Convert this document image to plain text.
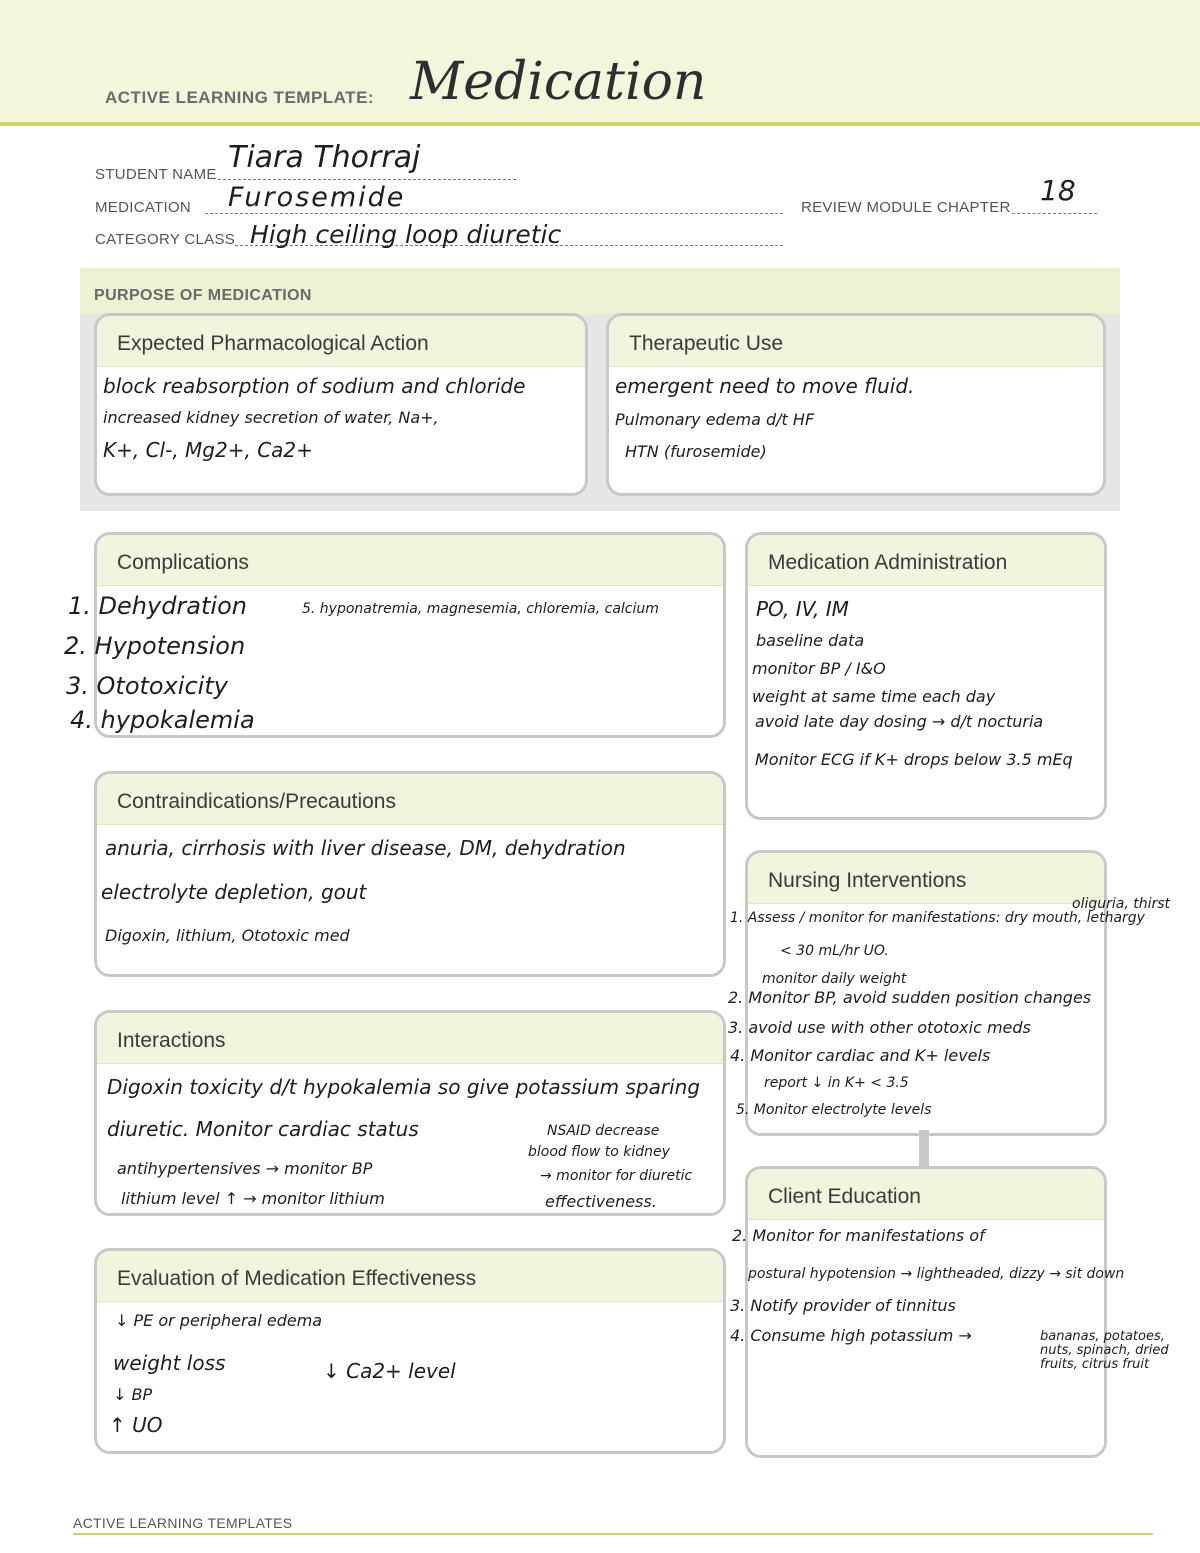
ACTIVE LEARNING TEMPLATE: Medication
STUDENT NAME Tiara Thorraj
MEDICATION Furosemide	REVIEW MODULE CHAPTER
18
CATEGORY CLASS High ceiling loop diuretic
PURPOSE OF MEDICATION
Expected Pharmacological Action
block reabsorption of sodium and chloride
increased kidney secretion of water, Na+,
K+, Cl-, Mg2+, Ca2+
Therapeutic Use
emergent need to move fluid.
Pulmonary edema d/t HF
HTN (furosemide)
Complications
5. hyponatremia, magnesemia, chloremia, calcium
1. Dehydration
2. Hypotension
3. Ototoxicity
4. hypokalemia
Medication Administration
PO, IV, IM
baseline data
monitor BP / I&O
weight at same time each day
avoid late day dosing → d/t nocturia
Monitor ECG if K+ drops below 3.5 mEq
Contraindications/Precautions
anuria, cirrhosis with liver disease, DM, dehydration
electrolyte depletion, gout
Digoxin, lithium, Ototoxic med
Nursing Interventions
< 30 mL/hr UO.
monitor daily weight
report ↓ in K+ < 3.5
1. Assess / monitor for manifestations: dry mouth, lethargy
oliguria, thirst
2. Monitor BP, avoid sudden position changes
3. avoid use with other ototoxic meds
4. Monitor cardiac and K+ levels
5. Monitor electrolyte levels
Interactions
Digoxin toxicity d/t hypokalemia so give potassium sparing
diuretic. Monitor cardiac status
antihypertensives → monitor BP
lithium level ↑ → monitor lithium
NSAID decrease
blood flow to kidney
→ monitor for diuretic
effectiveness.	Client Education
2. Monitor for manifestations of
postural hypotension → lightheaded, dizzy → sit down
3. Notify provider of tinnitus
4. Consume high potassium →	bananas, potatoes, nuts, spinach, dried fruits, citrus fruit
Evaluation of Medication Effectiveness
↓ PE or peripheral edema
weight loss
↓ BP
↑ UO
↓ Ca2+ level
ACTIVE LEARNING TEMPLATES
